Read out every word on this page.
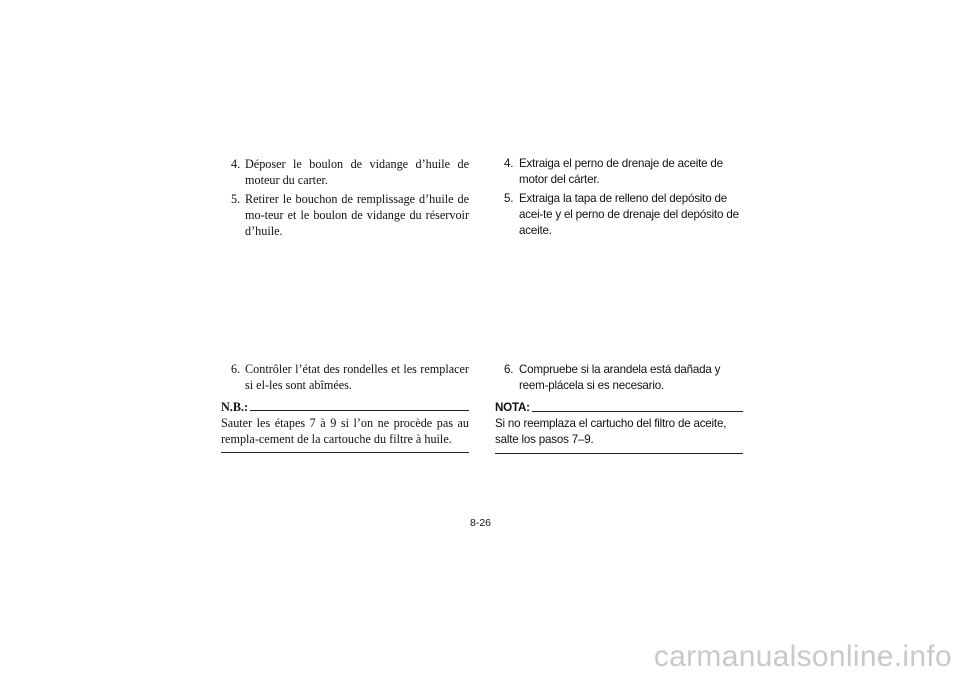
4. Déposer le boulon de vidange d’huile de moteur du carter.
5. Retirer le bouchon de remplissage d’huile de mo-teur et le boulon de vidange du réservoir d’huile.
4. Extraiga el perno de drenaje de aceite de motor del cárter.
5. Extraiga la tapa de relleno del depósito de acei-te y el perno de drenaje del depósito de aceite.
6. Contrôler l’état des rondelles et les remplacer si el-les sont abîmées.
N.B.:
Sauter les étapes 7 à 9 si l’on ne procède pas au rempla-cement de la cartouche du filtre à huile.
6. Compruebe si la arandela está dañada y reem-plácela si es necesario.
NOTA:
Si no reemplaza el cartucho del filtro de aceite, salte los pasos 7–9.
8-26
carmanualsonline.info
